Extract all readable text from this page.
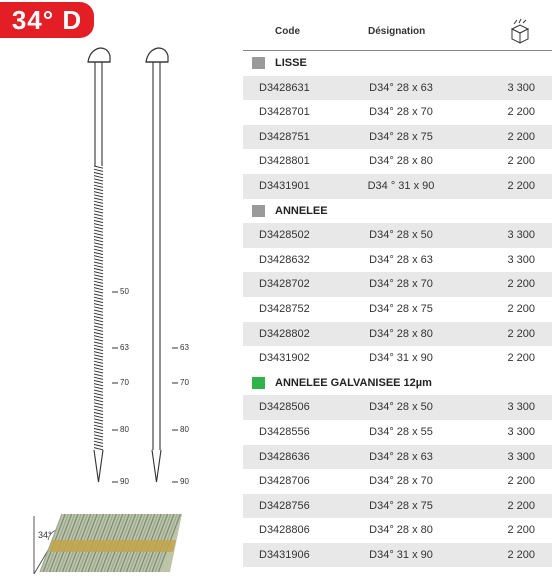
34° D
50
63
70
80
90
63
70
80
90
34°
Code	Désignation
LISSE
D3428631	D34° 28 x 63	3 300
D3428701	D34° 28 x 70	2 200
D3428751	D34° 28 x 75	2 200
D3428801	D34° 28 x 80	2 200
D3431901	D34 ° 31 x 90	2 200
ANNELEE
D3428502	D34° 28 x 50	3 300
D3428632	D34° 28 x 63	3 300
D3428702	D34° 28 x 70	2 200
D3428752	D34° 28 x 75	2 200
D3428802	D34° 28 x 80	2 200
D3431902	D34° 31 x 90	2 200
ANNELEE GALVANISEE 12µm
D3428506	D34° 28 x 50	3 300
D3428556	D34° 28 x 55	3 300
D3428636	D34° 28 x 63	3 300
D3428706	D34° 28 x 70	2 200
D3428756	D34° 28 x 75	2 200
D3428806	D34° 28 x 80	2 200
D3431906	D34° 31 x 90	2 200
